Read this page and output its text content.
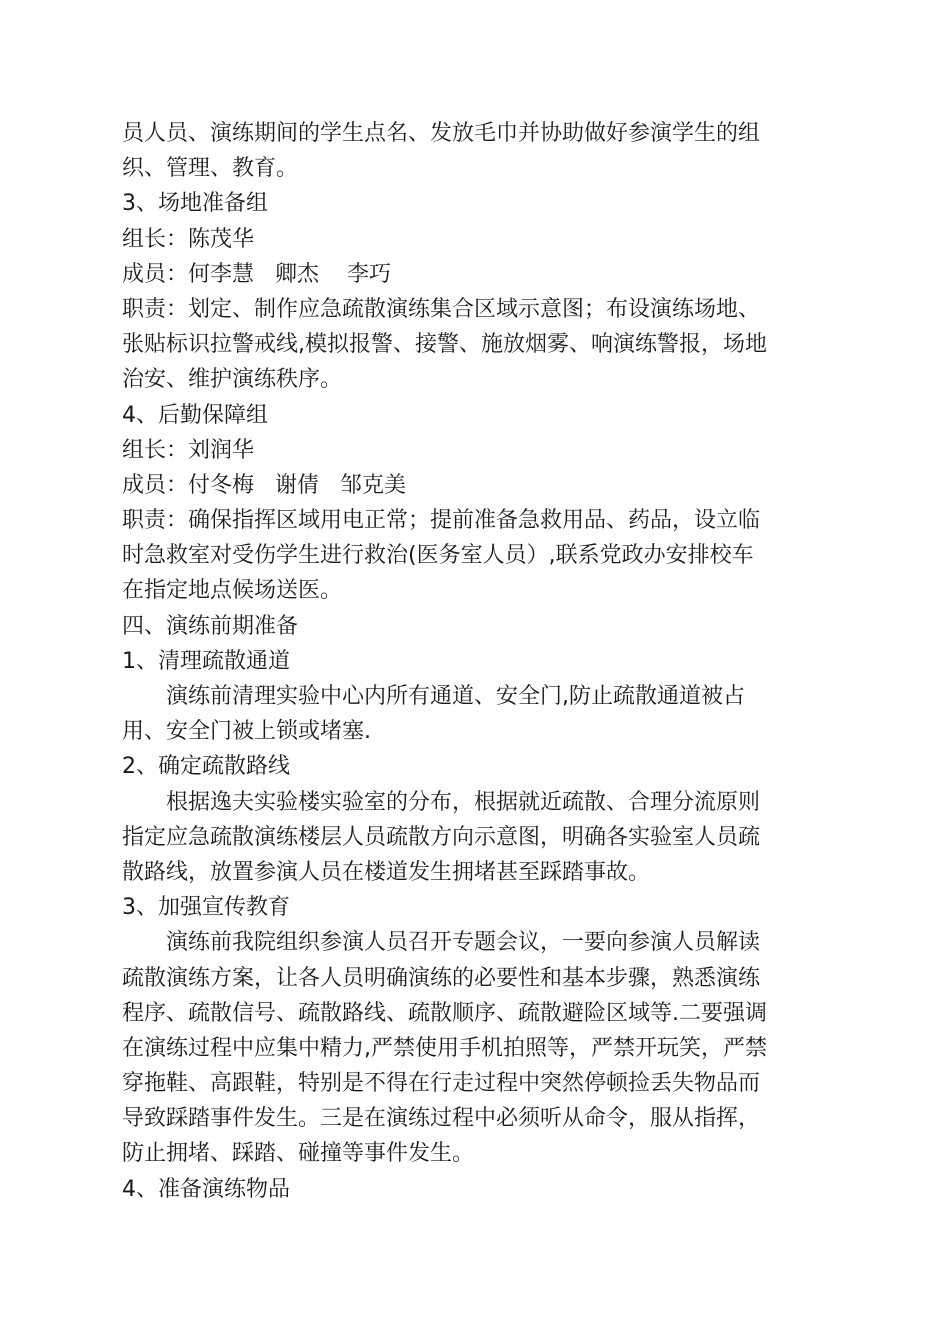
员人员、演练期间的学生点名、发放毛巾并协助做好参演学生的组

织、管理、教育。

3、场地准备组

组长：陈茂华

成员：何李慧   卿杰    李巧

职责：划定、制作应急疏散演练集合区域示意图；布设演练场地、

张贴标识拉警戒线,模拟报警、接警、施放烟雾、响演练警报，场地

治安、维护演练秩序。

4、后勤保障组

组长：刘润华

成员：付冬梅   谢倩   邹克美

职责：确保指挥区域用电正常；提前准备急救用品、药品，设立临

时急救室对受伤学生进行救治(医务室人员）,联系党政办安排校车

在指定地点候场送医。

四、演练前期准备

1、清理疏散通道

演练前清理实验中心内所有通道、安全门,防止疏散通道被占

用、安全门被上锁或堵塞.

2、确定疏散路线

根据逸夫实验楼实验室的分布，根据就近疏散、合理分流原则

指定应急疏散演练楼层人员疏散方向示意图，明确各实验室人员疏

散路线，放置参演人员在楼道发生拥堵甚至踩踏事故。

3、加强宣传教育

演练前我院组织参演人员召开专题会议，一要向参演人员解读

疏散演练方案，让各人员明确演练的必要性和基本步骤，熟悉演练

程序、疏散信号、疏散路线、疏散顺序、疏散避险区域等.二要强调

在演练过程中应集中精力,严禁使用手机拍照等，严禁开玩笑，严禁

穿拖鞋、高跟鞋，特别是不得在行走过程中突然停顿捡丢失物品而

导致踩踏事件发生。三是在演练过程中必须听从命令，服从指挥，

防止拥堵、踩踏、碰撞等事件发生。

4、准备演练物品
